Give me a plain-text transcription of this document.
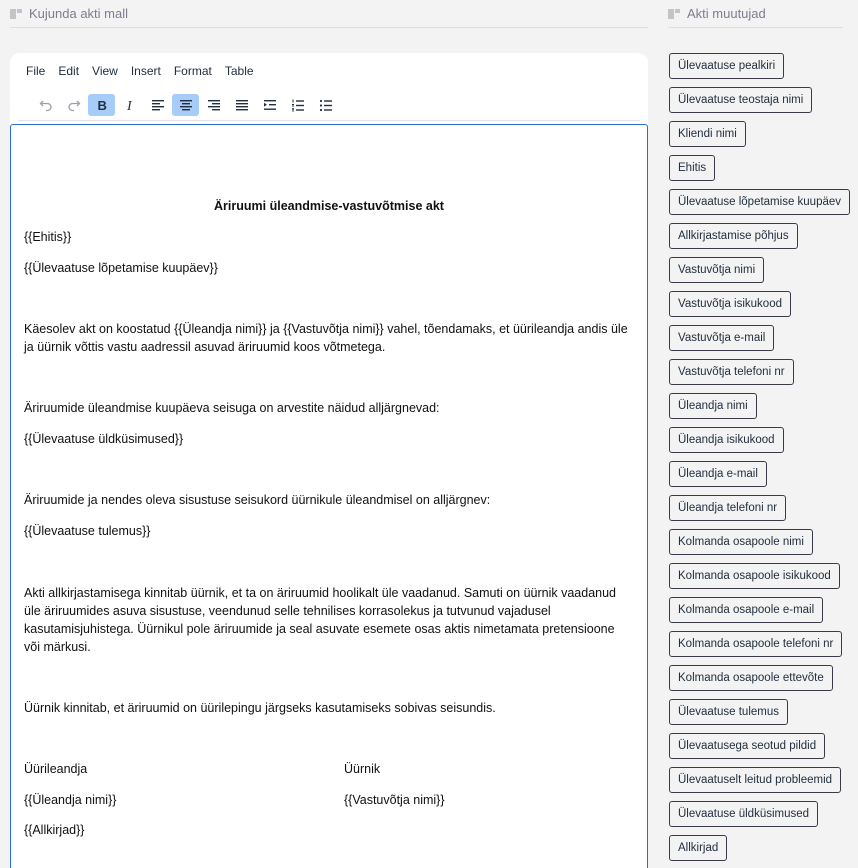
Kujunda akti mall
File Edit View Insert Format Table
B I
Äriruumi üleandmise-vastuvõtmise akt
{{Ehitis}}
{{Ülevaatuse lõpetamise kuupäev}}
Käesolev akt on koostatud {{Üleandja nimi}} ja {{Vastuvõtja nimi}} vahel, tõendamaks, et üürileandja andis üle ja üürnik võttis vastu aadressil asuvad äriruumid koos võtmetega.
Äriruumide üleandmise kuupäeva seisuga on arvestite näidud alljärgnevad:
{{Ülevaatuse üldküsimused}}
Äriruumide ja nendes oleva sisustuse seisukord üürnikule üleandmisel on alljärgnev:
{{Ülevaatuse tulemus}}
Akti allkirjastamisega kinnitab üürnik, et ta on äriruumid hoolikalt üle vaadanud. Samuti on üürnik vaadanud üle äriruumides asuva sisustuse, veendunud selle tehnilises korrasolekus ja tutvunud vajadusel kasutamisjuhistega. Üürnikul pole äriruumide ja seal asuvate esemete osas aktis nimetamata pretensioone või märkusi.
Üürnik kinnitab, et äriruumid on üürilepingu järgseks kasutamiseks sobivas seisundis.
Üürileandja	Üürnik
{{Üleandja nimi}}	{{Vastuvõtja nimi}}
{{Allkirjad}}
Akti muutujad
Ülevaatuse pealkiri
Ülevaatuse teostaja nimi
Kliendi nimi
Ehitis
Ülevaatuse lõpetamise kuupäev
Allkirjastamise põhjus
Vastuvõtja nimi
Vastuvõtja isikukood
Vastuvõtja e-mail
Vastuvõtja telefoni nr
Üleandja nimi
Üleandja isikukood
Üleandja e-mail
Üleandja telefoni nr
Kolmanda osapoole nimi
Kolmanda osapoole isikukood
Kolmanda osapoole e-mail
Kolmanda osapoole telefoni nr
Kolmanda osapoole ettevõte
Ülevaatuse tulemus
Ülevaatusega seotud pildid
Ülevaatuselt leitud probleemid
Ülevaatuse üldküsimused
Allkirjad
